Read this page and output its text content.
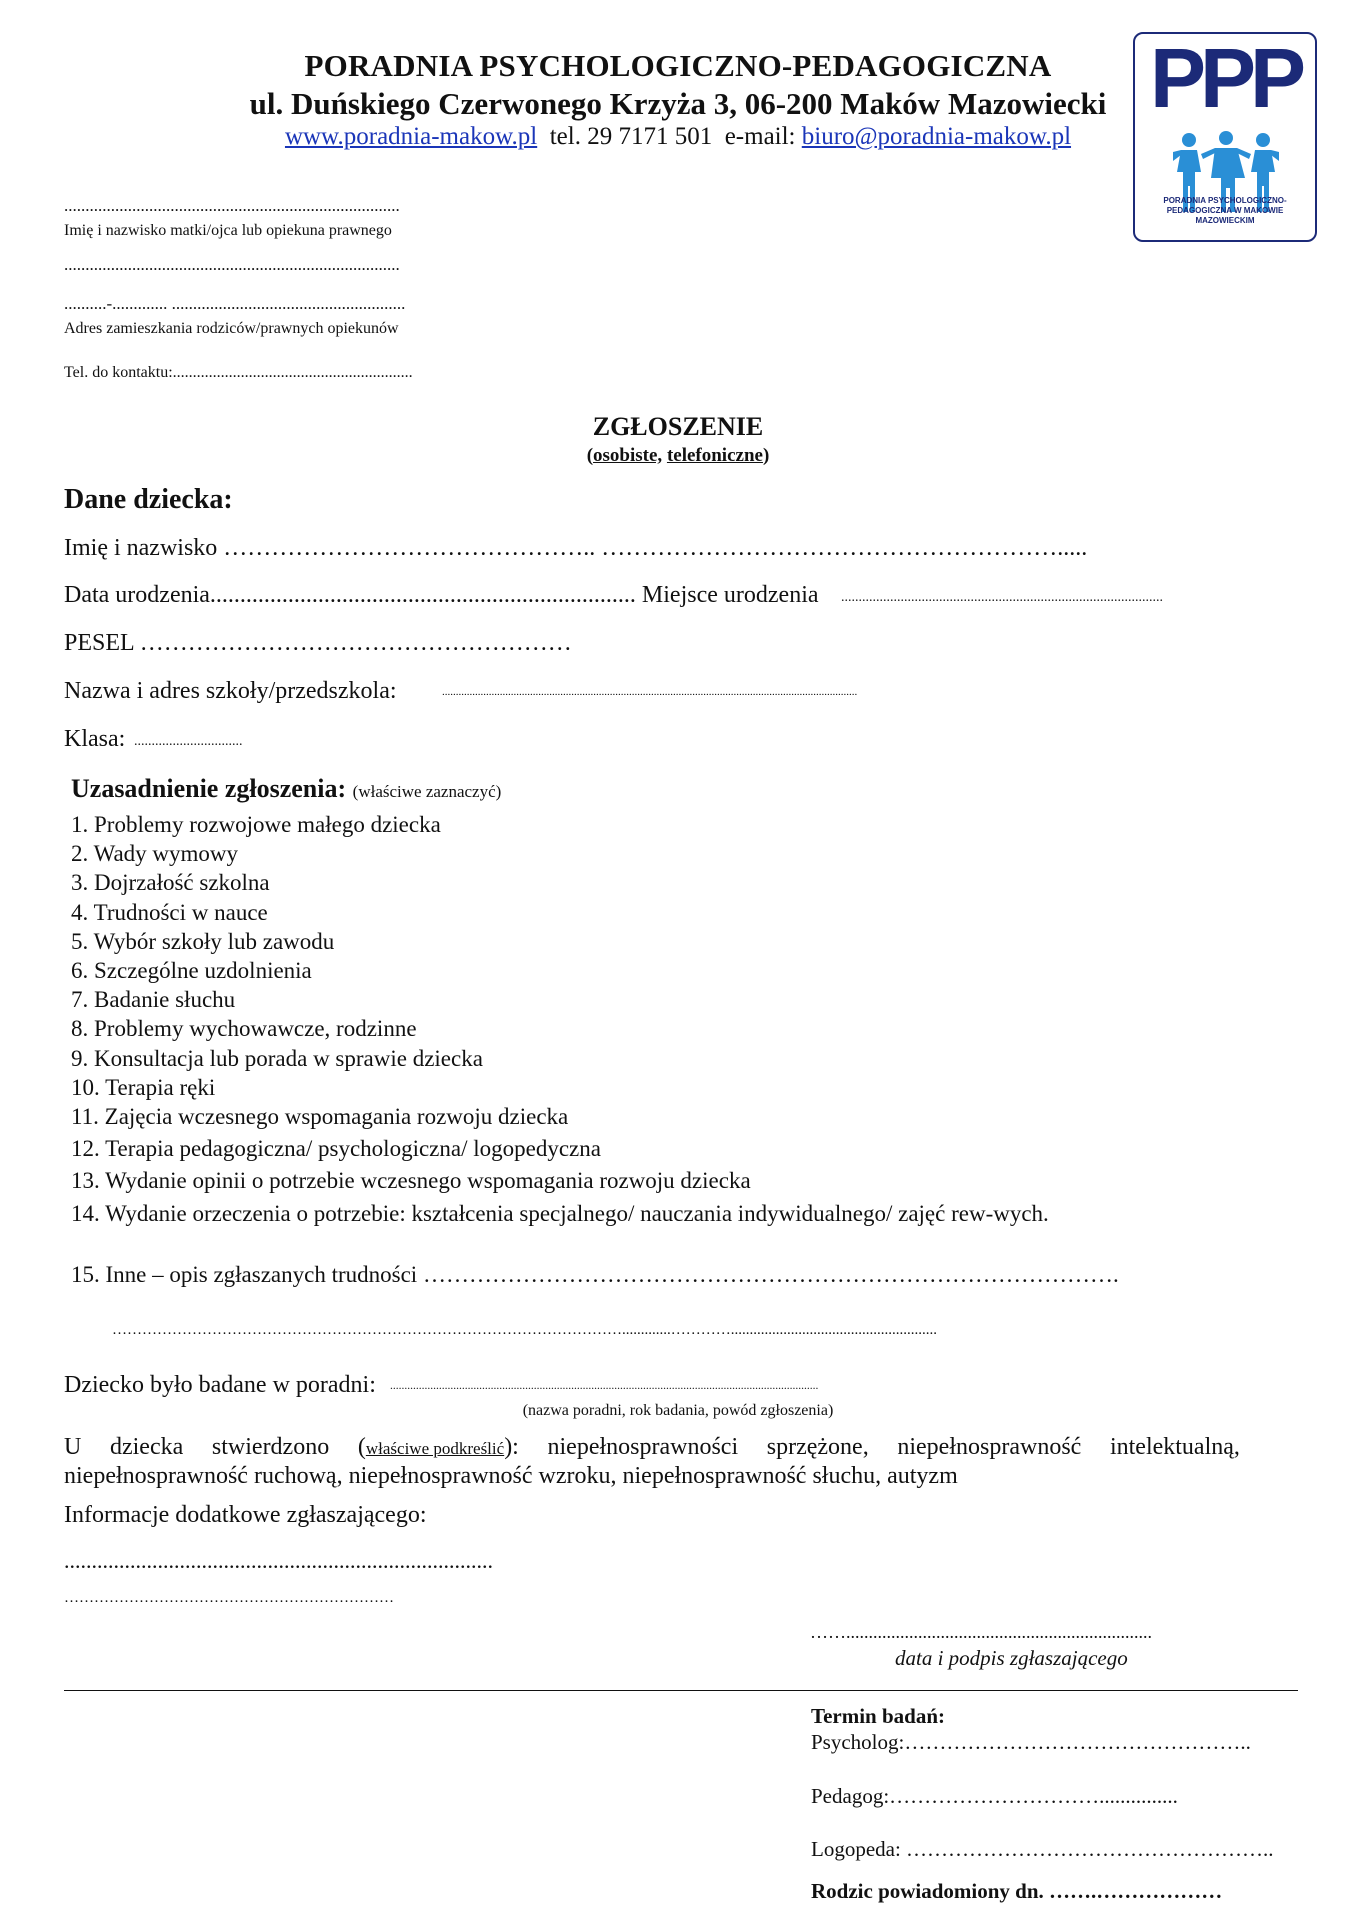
PORADNIA PSYCHOLOGICZNO-PEDAGOGICZNA
ul. Duńskiego Czerwonego Krzyża 3, 06-200 Maków Mazowiecki
www.poradnia-makow.pl tel. 29 7171 501 e-mail: biuro@poradnia-makow.pl
PPP
PORADNIA PSYCHOLOGICZNO-PEDAGOGICZNA W MAKOWIE MAZOWIECKIM
...............................................................................
Imię i nazwisko matki/ojca lub opiekuna prawnego
...............................................................................
..........-............. .......................................................
Adres zamieszkania rodziców/prawnych opiekunów
Tel. do kontaktu:............................................................
ZGŁOSZENIE
(osobiste, telefoniczne)
Dane dziecka:
Imię i nazwisko ……………………………………….. ………………………………………………….....
Data urodzenia....................................................................... Miejsce urodzenia ............................................................................................
PESEL ………………………………………………
Nazwa i adres szkoły/przedszkola:	.......................................................................................................................................................
Klasa: ...............................
Uzasadnienie zgłoszenia: (właściwe zaznaczyć)
1. Problemy rozwojowe małego dziecka
2. Wady wymowy
3. Dojrzałość szkolna
4. Trudności w nauce
5. Wybór szkoły lub zawodu
6. Szczególne uzdolnienia
7. Badanie słuchu
8. Problemy wychowawcze, rodzinne
9. Konsultacja lub porada w sprawie dziecka
10. Terapia ręki
11. Zajęcia wczesnego wspomagania rozwoju dziecka
12. Terapia pedagogiczna/ psychologiczna/ logopedyczna
13. Wydanie opinii o potrzebie wczesnego wspomagania rozwoju dziecka
14. Wydanie orzeczenia o potrzebie: kształcenia specjalnego/ nauczania indywidualnego/ zajęć rew-wych.
15. Inne – opis zgłaszanych trudności ……………………………………………………………………………….
………………………………………………………………………………………….............………….......................................................
Dziecko było badane w poradni: .....................................................................................................................................................
(nazwa poradni, rok badania, powód zgłoszenia)
U dziecka stwierdzono (właściwe podkreślić): niepełnosprawności sprzężone, niepełnosprawność intelektualną,
niepełnosprawność ruchową, niepełnosprawność wzroku, niepełnosprawność słuchu, autyzm
Informacje dodatkowe zgłaszającego:
..............................................................................
…………………………………………………………
……....................................................................
data i podpis zgłaszającego
Termin badań:
Psycholog:…………………………………………..
Pedagog:…………………………...............
Logopeda: ……………………………………………..
Rodzic powiadomiony dn. …….………………
